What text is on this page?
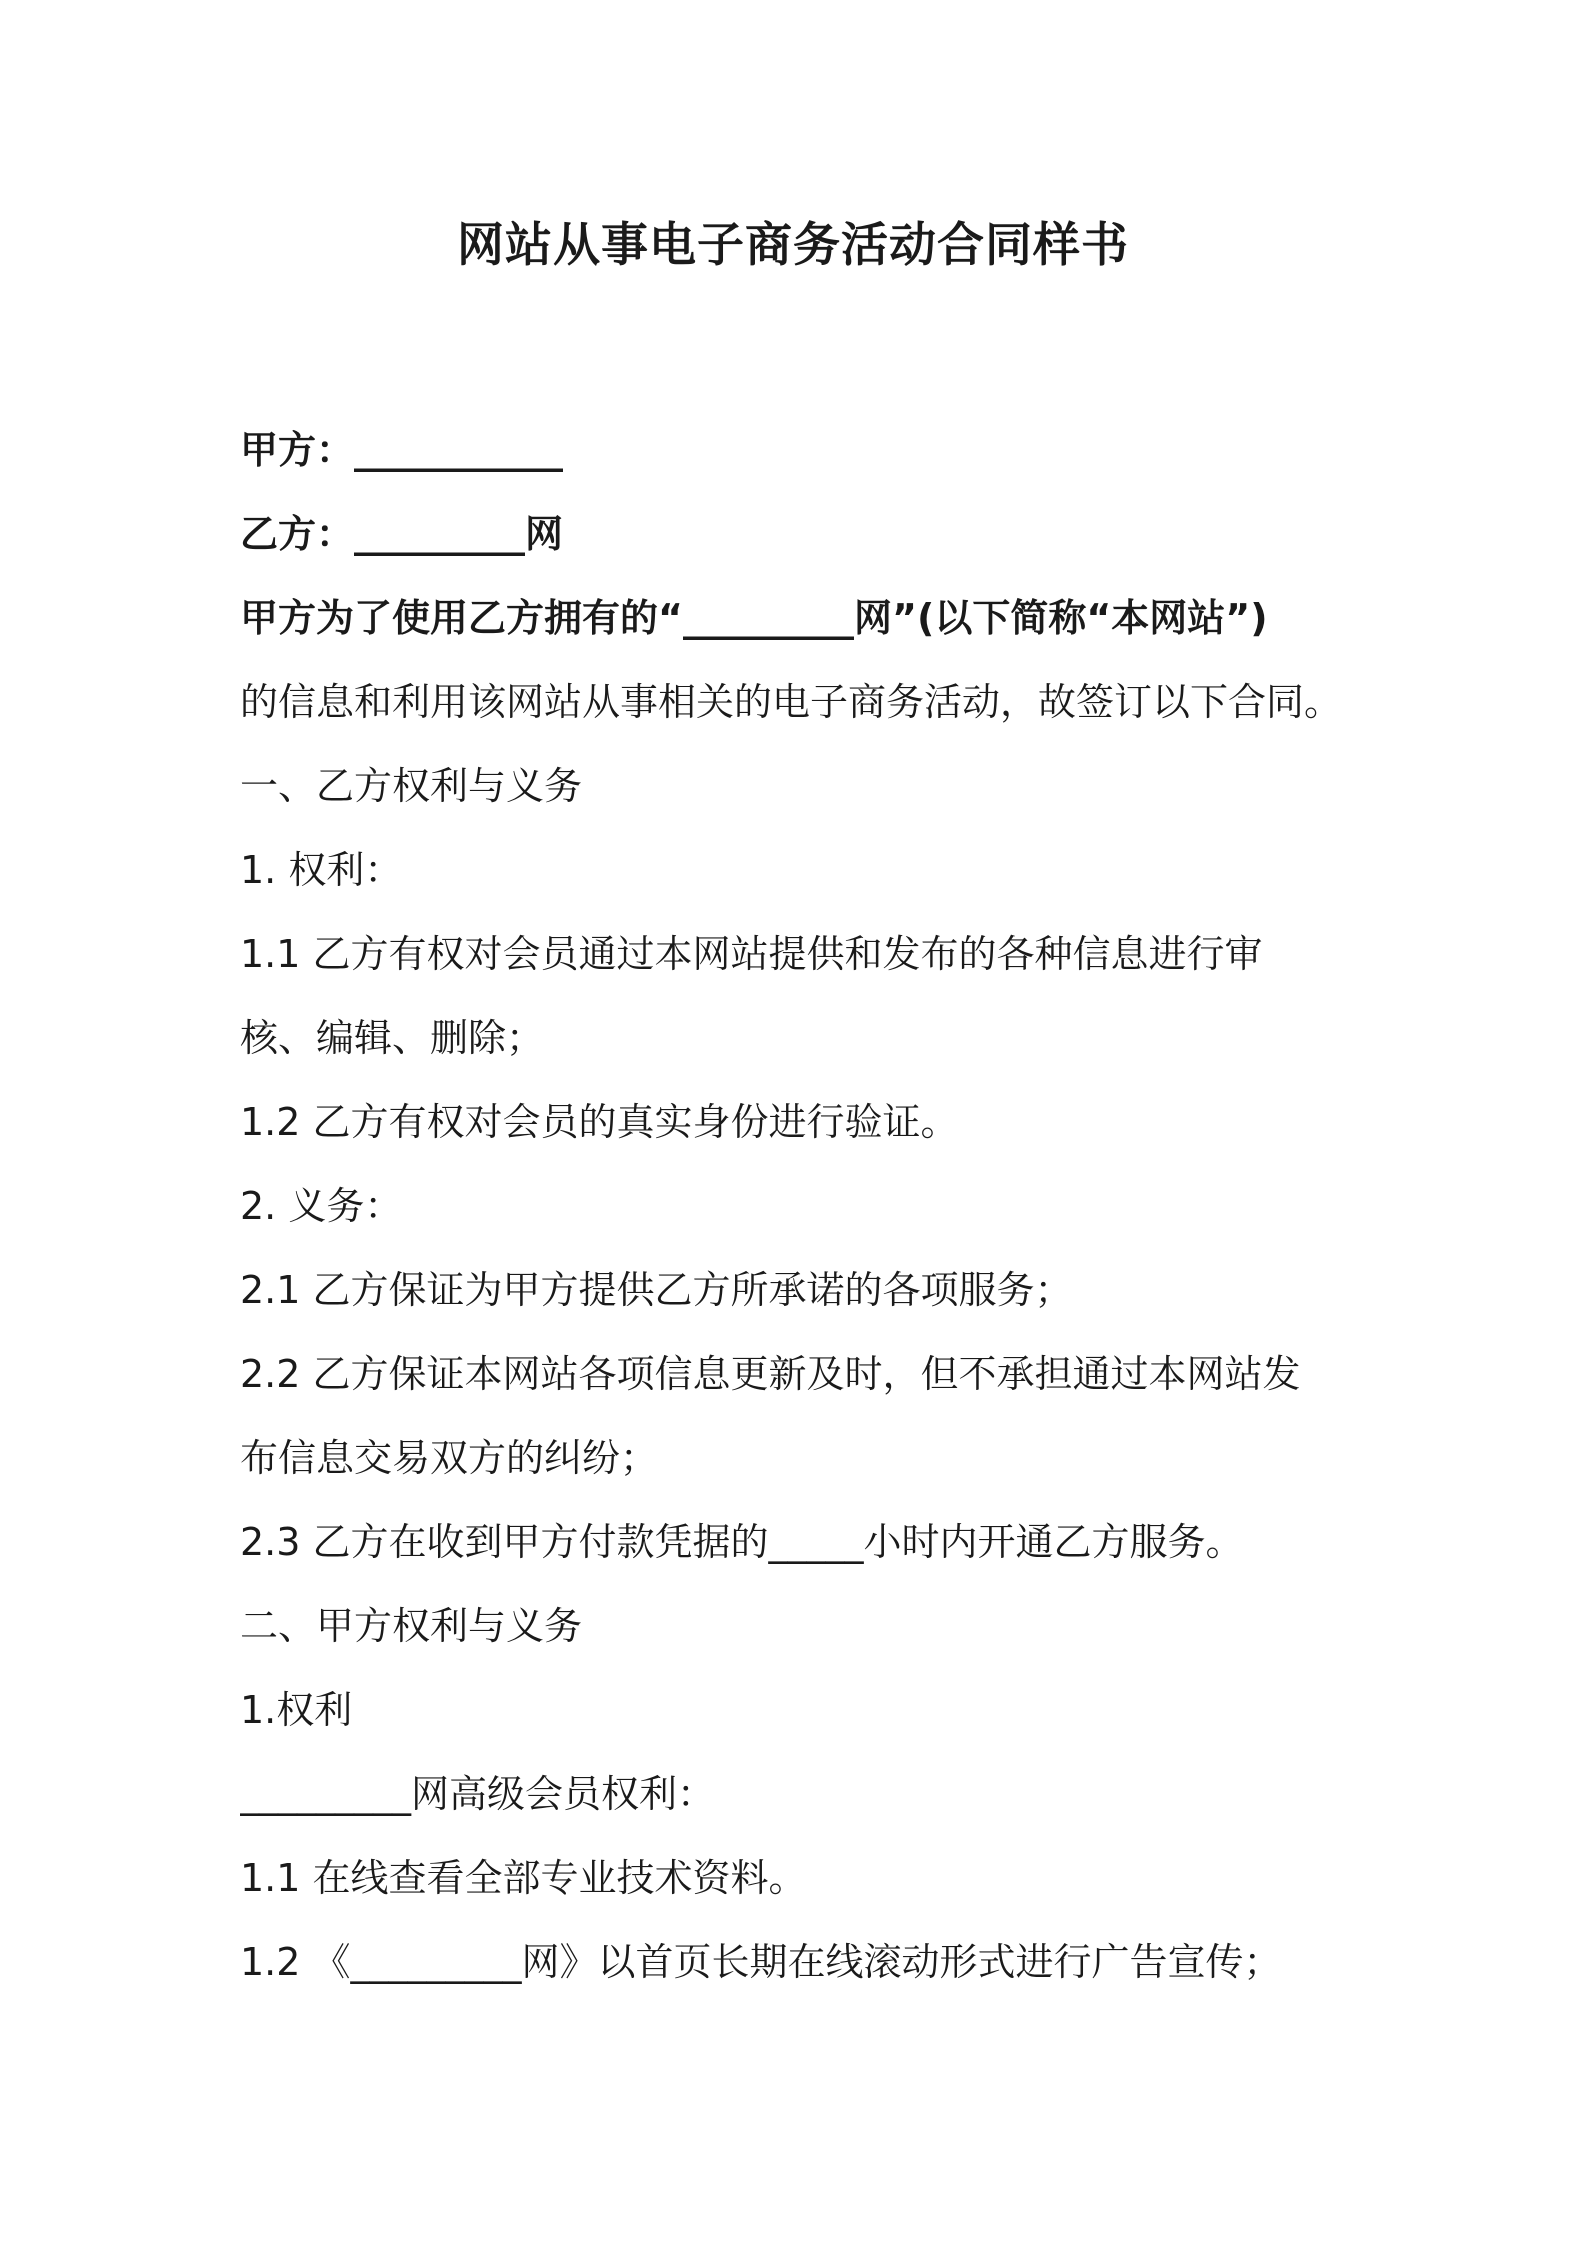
网站从事电子商务活动合同样书
甲方：___________
乙方：_________网
甲方为了使用乙方拥有的“_________网”(以下简称“本网站”)
的信息和利用该网站从事相关的电子商务活动，故签订以下合同。
一、乙方权利与义务
1. 权利：
1.1 乙方有权对会员通过本网站提供和发布的各种信息进行审
核、编辑、删除；
1.2 乙方有权对会员的真实身份进行验证。
2. 义务：
2.1 乙方保证为甲方提供乙方所承诺的各项服务；
2.2 乙方保证本网站各项信息更新及时，但不承担通过本网站发
布信息交易双方的纠纷；
2.3 乙方在收到甲方付款凭据的_____小时内开通乙方服务。
二、甲方权利与义务
1.权利
_________网高级会员权利：
1.1 在线查看全部专业技术资料。
1.2 《_________网》以首页长期在线滚动形式进行广告宣传；
